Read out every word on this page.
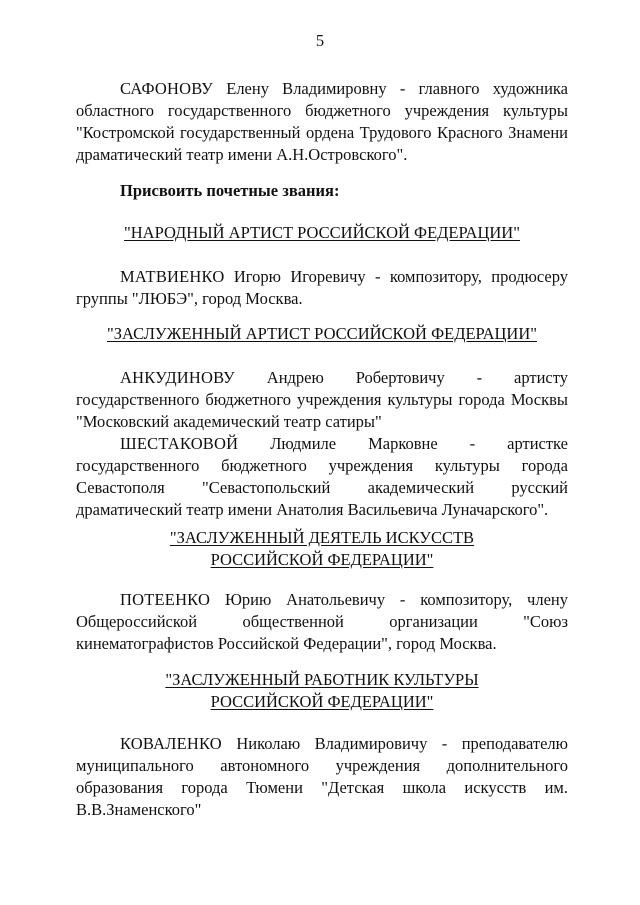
5

САФОНОВУ Елену Владимировну - главного художника областного государственного бюджетного учреждения культуры "Костромской государственный ордена Трудового Красного Знамени драматический театр имени А.Н.Островского".

Присвоить почетные звания:

"НАРОДНЫЙ АРТИСТ РОССИЙСКОЙ ФЕДЕРАЦИИ"

МАТВИЕНКО Игорю Игоревичу - композитору, продюсеру группы "ЛЮБЭ", город Москва.

"ЗАСЛУЖЕННЫЙ АРТИСТ РОССИЙСКОЙ ФЕДЕРАЦИИ"

АНКУДИНОВУ Андрею Робертовичу - артисту государственного бюджетного учреждения культуры города Москвы "Московский академический театр сатиры"

ШЕСТАКОВОЙ Людмиле Марковне - артистке государственного бюджетного учреждения культуры города Севастополя "Севастопольский академический русский драматический театр имени Анатолия Васильевича Луначарского".

"ЗАСЛУЖЕННЫЙ ДЕЯТЕЛЬ ИСКУССТВ
РОССИЙСКОЙ ФЕДЕРАЦИИ"

ПОТЕЕНКО Юрию Анатольевичу - композитору, члену Общероссийской общественной организации "Союз кинематографистов Российской Федерации", город Москва.

"ЗАСЛУЖЕННЫЙ РАБОТНИК КУЛЬТУРЫ
РОССИЙСКОЙ ФЕДЕРАЦИИ"

КОВАЛЕНКО Николаю Владимировичу - преподавателю муниципального автономного учреждения дополнительного образования города Тюмени "Детская школа искусств им. В.В.Знаменского"
